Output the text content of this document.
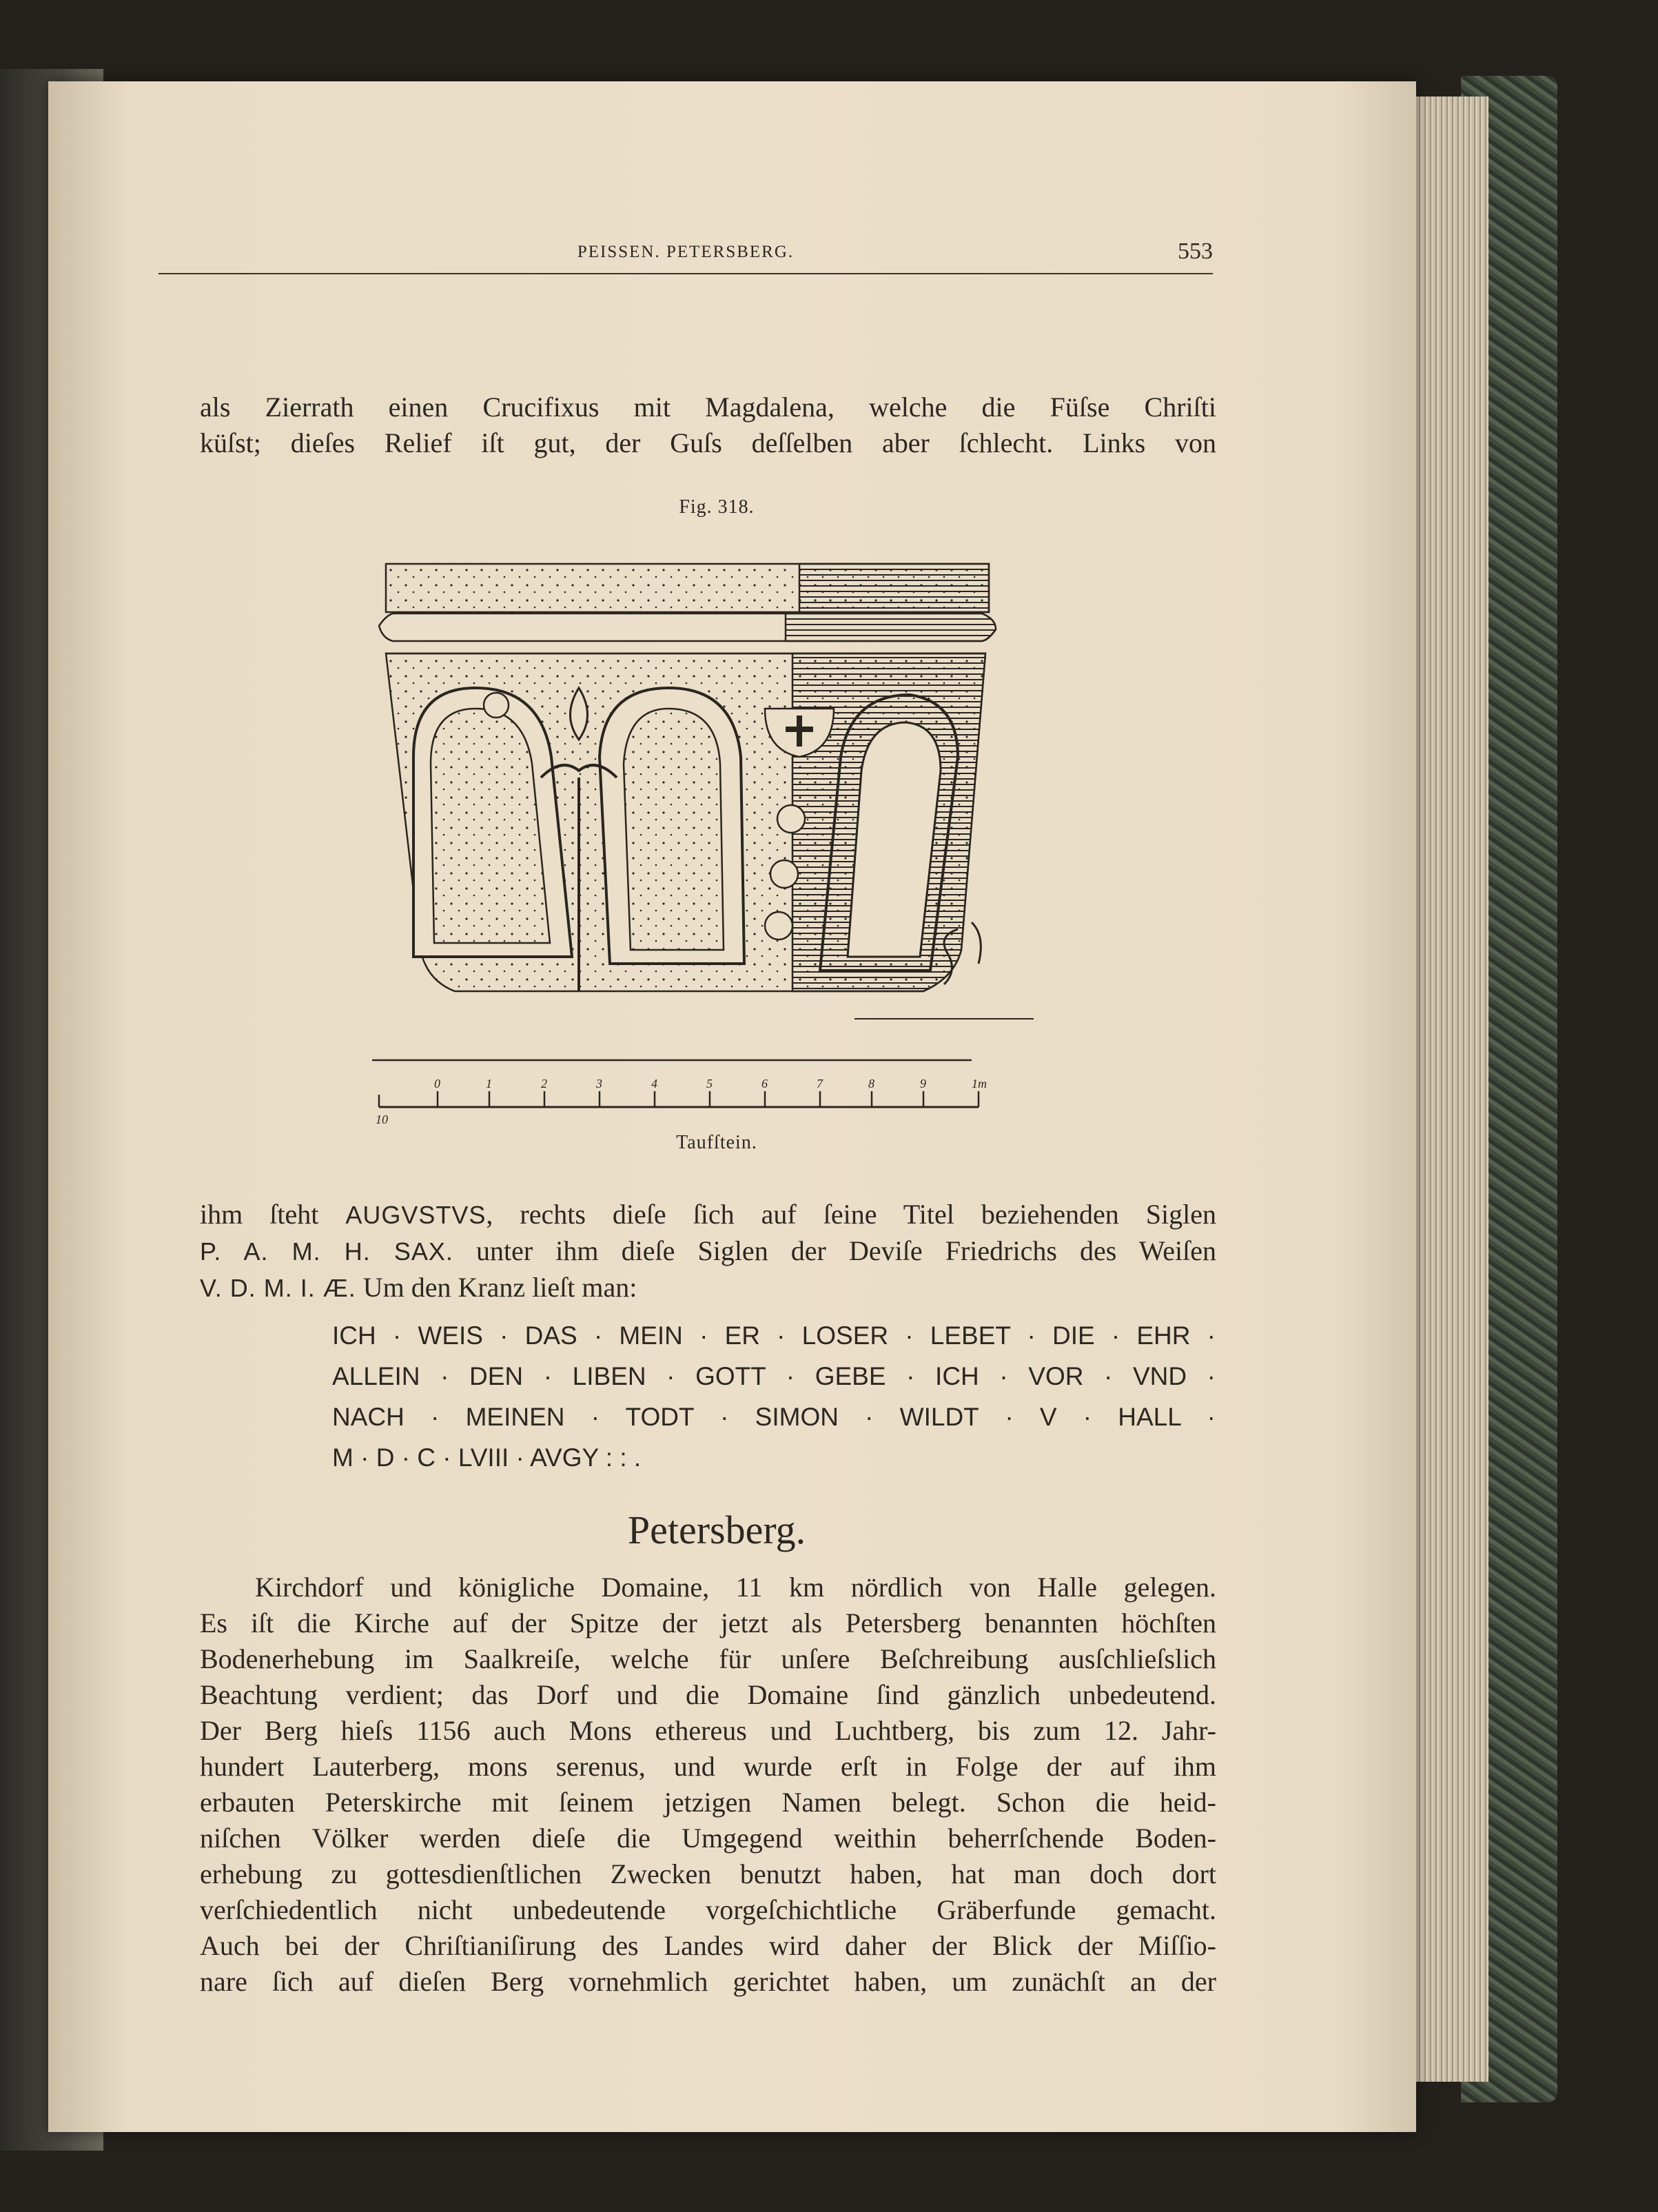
PEISSEN. PETERSBERG.	553
als Zierrath einen Crucifixus mit Magdalena, welche die Füſse Chriſti
küſst; dieſes Relief iſt gut, der Guſs deſſelben aber ſchlecht. Links von
Fig. 318.
10
0	1	2	3	4	5	6	7	8	9	1m
Taufſtein.
ihm ſteht AUGVSTVS, rechts dieſe ſich auf ſeine Titel beziehenden Siglen
P. A. M. H. SAX. unter ihm dieſe Siglen der Deviſe Friedrichs des Weiſen
V. D. M. I. Æ. Um den Kranz lieſt man:
ICH · WEIS · DAS · MEIN · ER · LOSER · LEBET · DIE · EHR ·
ALLEIN · DEN · LIBEN · GOTT · GEBE · ICH · VOR · VND ·
NACH · MEINEN · TODT · SIMON · WILDT · V · HALL ·
M · D · C · LVIII · AVGY : : .
Petersberg.
Kirchdorf und königliche Domaine, 11 km nördlich von Halle gelegen.
Es iſt die Kirche auf der Spitze der jetzt als Petersberg benannten höchſten
Bodenerhebung im Saalkreiſe, welche für unſere Beſchreibung ausſchlieſslich
Beachtung verdient; das Dorf und die Domaine ſind gänzlich unbedeutend.
Der Berg hieſs 1156 auch Mons ethereus und Luchtberg, bis zum 12. Jahr-
hundert Lauterberg, mons serenus, und wurde erſt in Folge der auf ihm
erbauten Peterskirche mit ſeinem jetzigen Namen belegt. Schon die heid-
niſchen Völker werden dieſe die Umgegend weithin beherrſchende Boden-
erhebung zu gottesdienſtlichen Zwecken benutzt haben, hat man doch dort
verſchiedentlich nicht unbedeutende vorgeſchichtliche Gräberfunde gemacht.
Auch bei der Chriſtianiſirung des Landes wird daher der Blick der Miſſio-
nare ſich auf dieſen Berg vornehmlich gerichtet haben, um zunächſt an der
